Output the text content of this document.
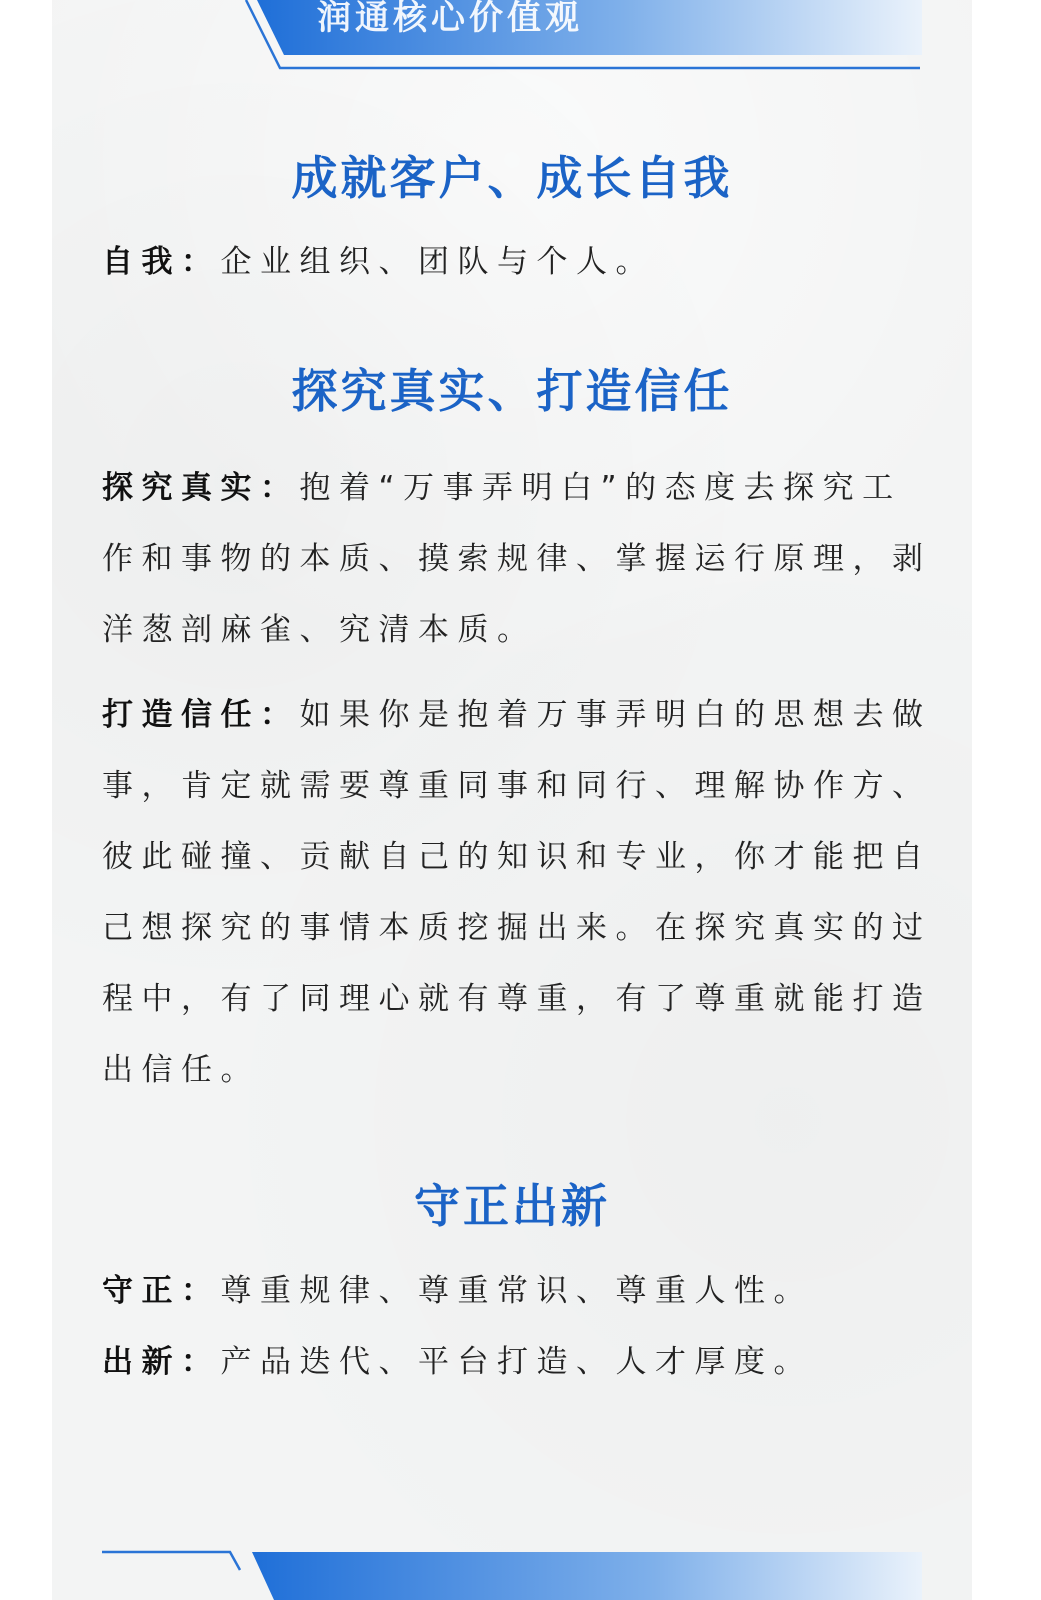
润通核心价值观
成就客户、成长自我

自我：企业组织、团队与个人。

探究真实、打造信任

探究真实：抱着“万事弄明白”的态度去探究工作和事物的本质、摸索规律、掌握运行原理，剥洋葱剖麻雀、究清本质。

打造信任：如果你是抱着万事弄明白的思想去做事，肯定就需要尊重同事和同行、理解协作方、彼此碰撞、贡献自己的知识和专业，你才能把自己想探究的事情本质挖掘出来。在探究真实的过程中，有了同理心就有尊重，有了尊重就能打造出信任。

守正出新

守正：尊重规律、尊重常识、尊重人性。

出新：产品迭代、平台打造、人才厚度。
